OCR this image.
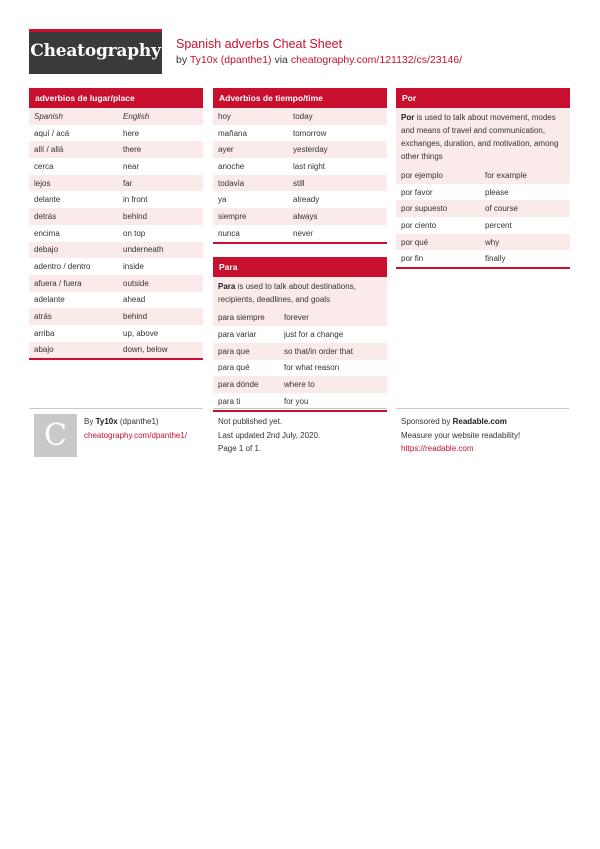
Cheatography Spanish adverbs Cheat Sheet
by Ty10x (dpanthe1) via cheatography.com/121132/cs/23146/
adverbios de lugar/place
Spanish	English
aquí / acá	here
allí / allá	there
cerca	near
lejos	far
delante	in front
detrás	behind
encima	on top
debajo	underneath
adentro / dentro	inside
afuera / fuera	outside
adelante	ahead
atrás	behind
arriba	up, above
abajo	down, below
Adverbios de tiempo/time
hoy	today
mañana	tomorrow
ayer	yesterday
anoche	last night
todavía	still
ya	already
siempre	always
nunca	never
Para
Para is used to talk about destinations, recipients, deadlines, and goals
para siempre	forever
para variar	just for a change
para que	so that/in order that
para qué	for what reason
para dónde	where to
para ti	for you
Por
Por is used to talk about movement, modes and means of travel and communication, exchanges, duration, and motivation, among other things
por ejemplo	for example
por favor	please
por supuesto	of course
por ciento	percent
por qué	why
por fin	finally
C	By Ty10x (dpanthe1)
cheatography.com/dpanthe1/
Not published yet.
Last updated 2nd July, 2020.
Page 1 of 1.
Sponsored by Readable.com
Measure your website readability!
https://readable.com
